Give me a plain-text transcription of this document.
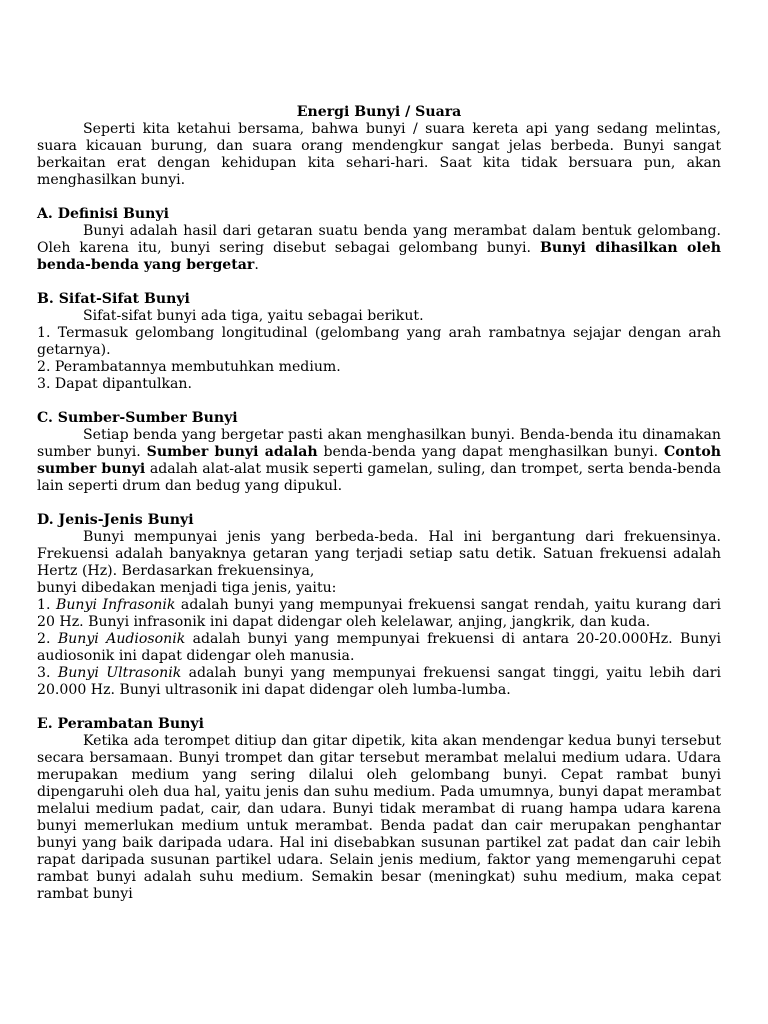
Energi Bunyi / Suara

Seperti kita ketahui bersama, bahwa bunyi / suara kereta api yang sedang melintas, suara kicauan burung, dan suara orang mendengkur sangat jelas berbeda. Bunyi sangat berkaitan erat dengan kehidupan kita sehari-hari. Saat kita tidak bersuara pun, akan menghasilkan bunyi.

A. Definisi Bunyi

Bunyi adalah hasil dari getaran suatu benda yang merambat dalam bentuk gelombang. Oleh karena itu, bunyi sering disebut sebagai gelombang bunyi. Bunyi dihasilkan oleh benda-benda yang bergetar.

B. Sifat-Sifat Bunyi

Sifat-sifat bunyi ada tiga, yaitu sebagai berikut.

1. Termasuk gelombang longitudinal (gelombang yang arah rambatnya sejajar dengan arah getarnya).

2. Perambatannya membutuhkan medium.

3. Dapat dipantulkan.

C. Sumber-Sumber Bunyi

Setiap benda yang bergetar pasti akan menghasilkan bunyi. Benda-benda itu dinamakan sumber bunyi. Sumber bunyi adalah benda-benda yang dapat menghasilkan bunyi. Contoh sumber bunyi adalah alat-alat musik seperti gamelan, suling, dan trompet, serta benda-benda lain seperti drum dan bedug yang dipukul.

D. Jenis-Jenis Bunyi

Bunyi mempunyai jenis yang berbeda-beda. Hal ini bergantung dari frekuensinya. Frekuensi adalah banyaknya getaran yang terjadi setiap satu detik. Satuan frekuensi adalah Hertz (Hz). Berdasarkan frekuensinya,

bunyi dibedakan menjadi tiga jenis, yaitu:

1. Bunyi Infrasonik adalah bunyi yang mempunyai frekuensi sangat rendah, yaitu kurang dari 20 Hz. Bunyi infrasonik ini dapat didengar oleh kelelawar, anjing, jangkrik, dan kuda.

2. Bunyi Audiosonik adalah bunyi yang mempunyai frekuensi di antara 20-20.000Hz. Bunyi audiosonik ini dapat didengar oleh manusia.

3. Bunyi Ultrasonik adalah bunyi yang mempunyai frekuensi sangat tinggi, yaitu lebih dari 20.000 Hz. Bunyi ultrasonik ini dapat didengar oleh lumba-lumba.

E. Perambatan Bunyi

Ketika ada terompet ditiup dan gitar dipetik, kita akan mendengar kedua bunyi tersebut secara bersamaan. Bunyi trompet dan gitar tersebut merambat melalui medium udara. Udara merupakan medium yang sering dilalui oleh gelombang bunyi. Cepat rambat bunyi dipengaruhi oleh dua hal, yaitu jenis dan suhu medium. Pada umumnya, bunyi dapat merambat melalui medium padat, cair, dan udara. Bunyi tidak merambat di ruang hampa udara karena bunyi memerlukan medium untuk merambat. Benda padat dan cair merupakan penghantar bunyi yang baik daripada udara. Hal ini disebabkan susunan partikel zat padat dan cair lebih rapat daripada susunan partikel udara. Selain jenis medium, faktor yang memengaruhi cepat rambat bunyi adalah suhu medium. Semakin besar (meningkat) suhu medium, maka cepat rambat bunyi
